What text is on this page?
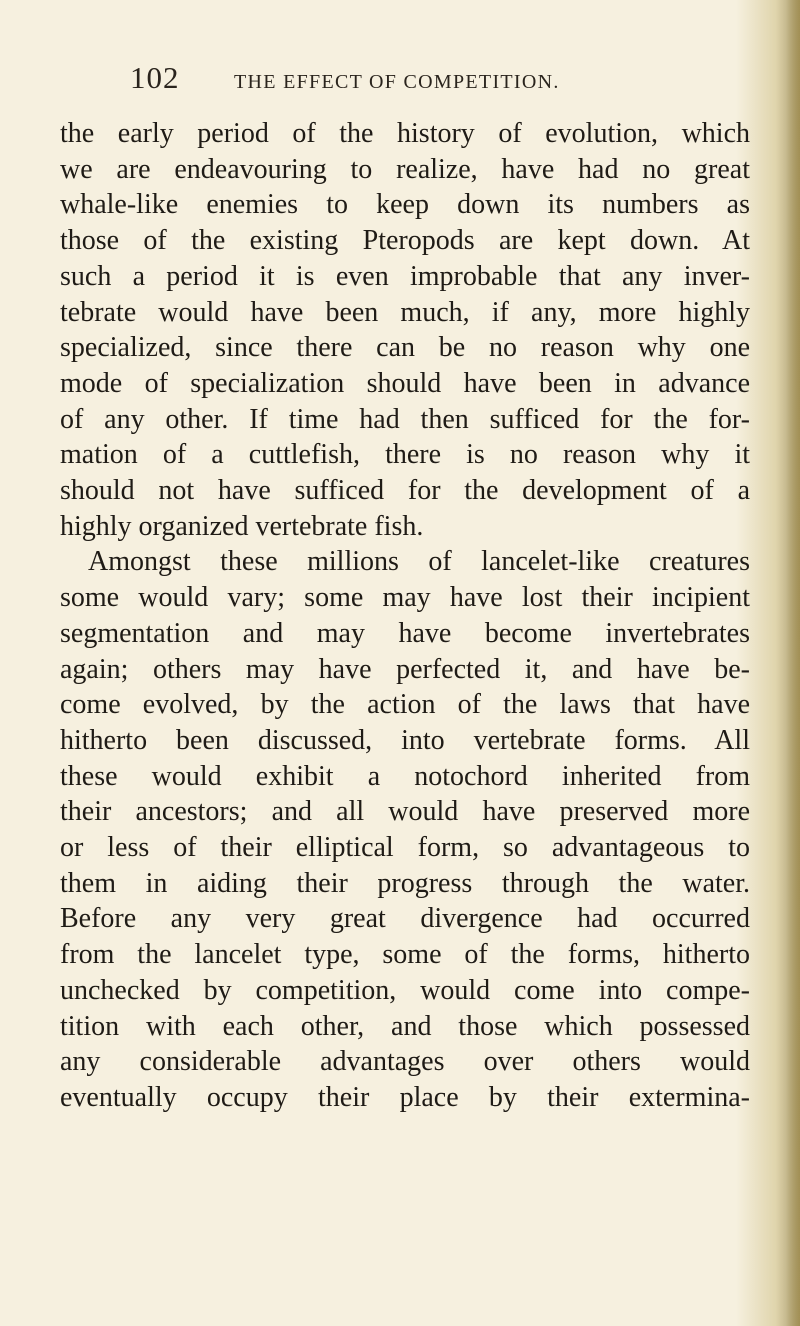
102	THE EFFECT OF COMPETITION.
the early period of the history of evolution, which
we are endeavouring to realize, have had no great
whale-like enemies to keep down its numbers as
those of the existing Pteropods are kept down. At
such a period it is even improbable that any inver-
tebrate would have been much, if any, more highly
specialized, since there can be no reason why one
mode of specialization should have been in advance
of any other. If time had then sufficed for the for-
mation of a cuttlefish, there is no reason why it
should not have sufficed for the development of a
highly organized vertebrate fish.
Amongst these millions of lancelet-like creatures
some would vary; some may have lost their incipient
segmentation and may have become invertebrates
again; others may have perfected it, and have be-
come evolved, by the action of the laws that have
hitherto been discussed, into vertebrate forms. All
these would exhibit a notochord inherited from
their ancestors; and all would have preserved more
or less of their elliptical form, so advantageous to
them in aiding their progress through the water.
Before any very great divergence had occurred
from the lancelet type, some of the forms, hitherto
unchecked by competition, would come into compe-
tition with each other, and those which possessed
any considerable advantages over others would
eventually occupy their place by their extermina-
